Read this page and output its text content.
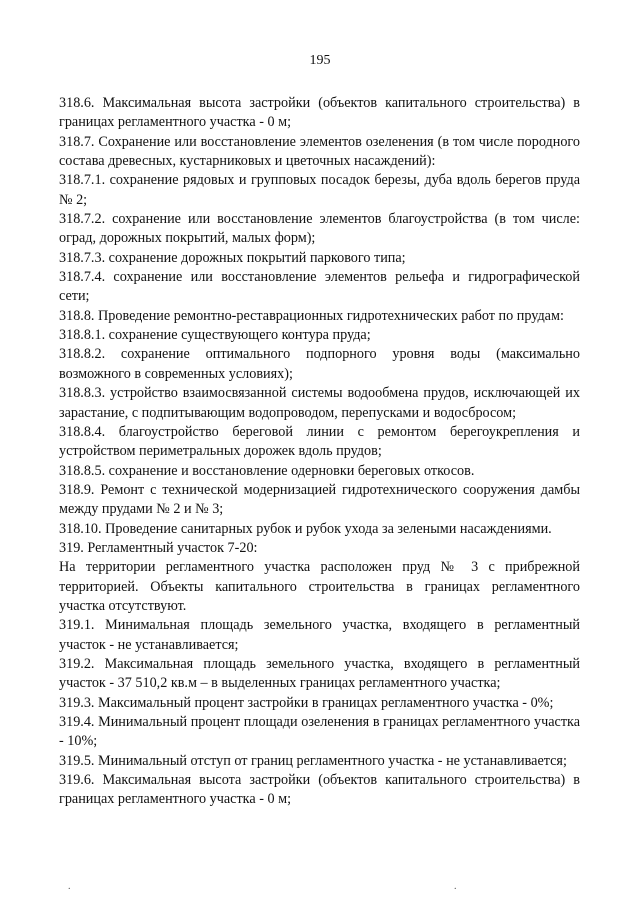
195

318.6. Максимальная высота застройки (объектов капитального строительства) в границах регламентного участка - 0 м;

318.7. Сохранение или восстановление элементов озеленения (в том числе породного состава древесных, кустарниковых и цветочных насаждений):

318.7.1. сохранение рядовых и групповых посадок березы, дуба вдоль берегов пруда № 2;

318.7.2. сохранение или восстановление элементов благоустройства (в том числе: оград, дорожных покрытий, малых форм);

318.7.3. сохранение дорожных покрытий паркового типа;

318.7.4. сохранение или восстановление элементов рельефа и гидрографической сети;

318.8. Проведение ремонтно-реставрационных гидротехнических работ по прудам:

318.8.1. сохранение существующего контура пруда;

318.8.2. сохранение оптимального подпорного уровня воды (максимально возможного в современных условиях);

318.8.3. устройство взаимосвязанной системы водообмена прудов, исключающей их зарастание, с подпитывающим водопроводом, перепусками и водосбросом;

318.8.4. благоустройство береговой линии с ремонтом берегоукрепления и устройством периметральных дорожек вдоль прудов;

318.8.5. сохранение и восстановление одерновки береговых откосов.

318.9. Ремонт с технической модернизацией гидротехнического сооружения дамбы между прудами № 2 и № 3;

318.10. Проведение санитарных рубок и рубок ухода за зелеными насаждениями.

319. Регламентный участок 7-20:

На территории регламентного участка расположен пруд № 3 с прибрежной территорией. Объекты капитального строительства в границах регламентного участка отсутствуют.

319.1. Минимальная площадь земельного участка, входящего в регламентный участок - не устанавливается;

319.2. Максимальная площадь земельного участка, входящего в регламентный участок - 37 510,2 кв.м – в выделенных границах регламентного участка;

319.3. Максимальный процент застройки в границах регламентного участка - 0%;

319.4. Минимальный процент площади озеленения в границах регламентного участка - 10%;

319.5. Минимальный отступ от границ регламентного участка - не устанавливается;

319.6. Максимальная высота застройки (объектов капитального строительства) в границах регламентного участка - 0 м;

.	.
